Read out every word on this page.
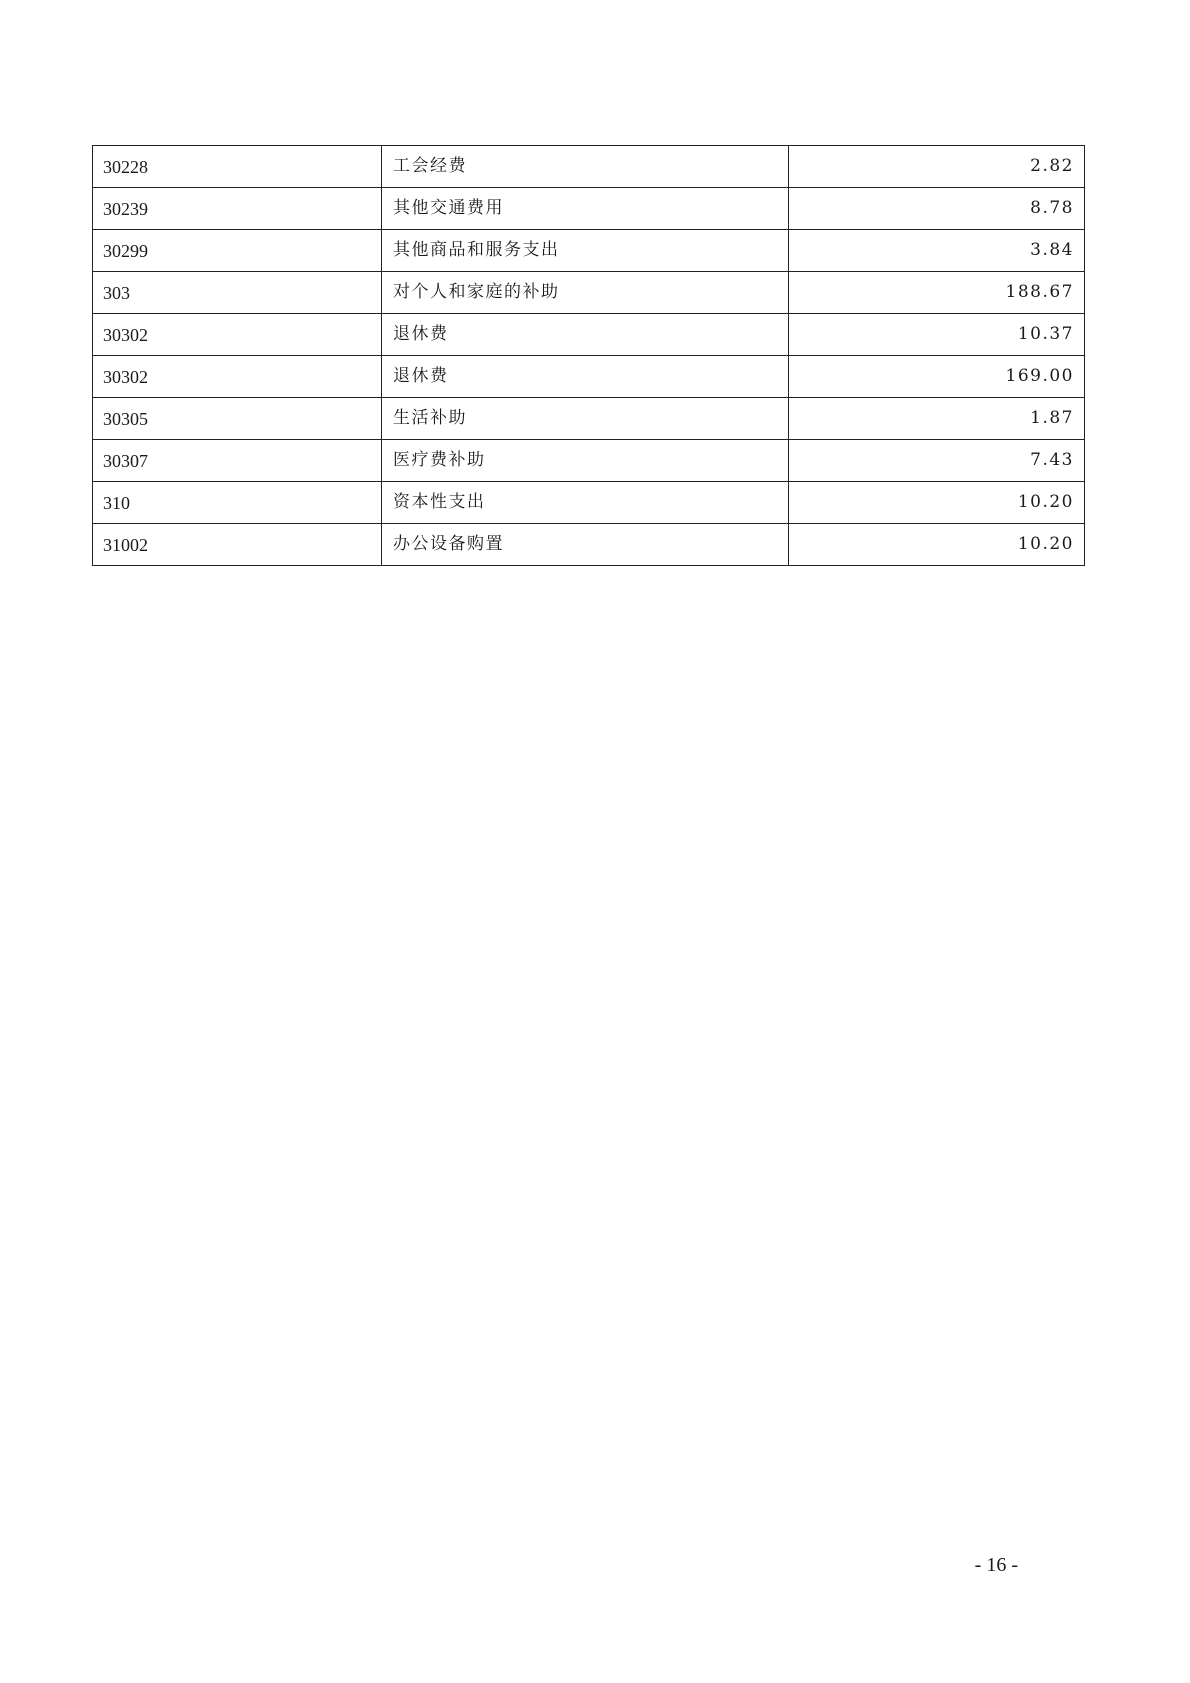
30228	工会经费	2.82
30239	其他交通费用	8.78
30299	其他商品和服务支出	3.84
303	对个人和家庭的补助	188.67
30302	退休费	10.37
30302	退休费	169.00
30305	生活补助	1.87
30307	医疗费补助	7.43
310	资本性支出	10.20
31002	办公设备购置	10.20
- 16 -
